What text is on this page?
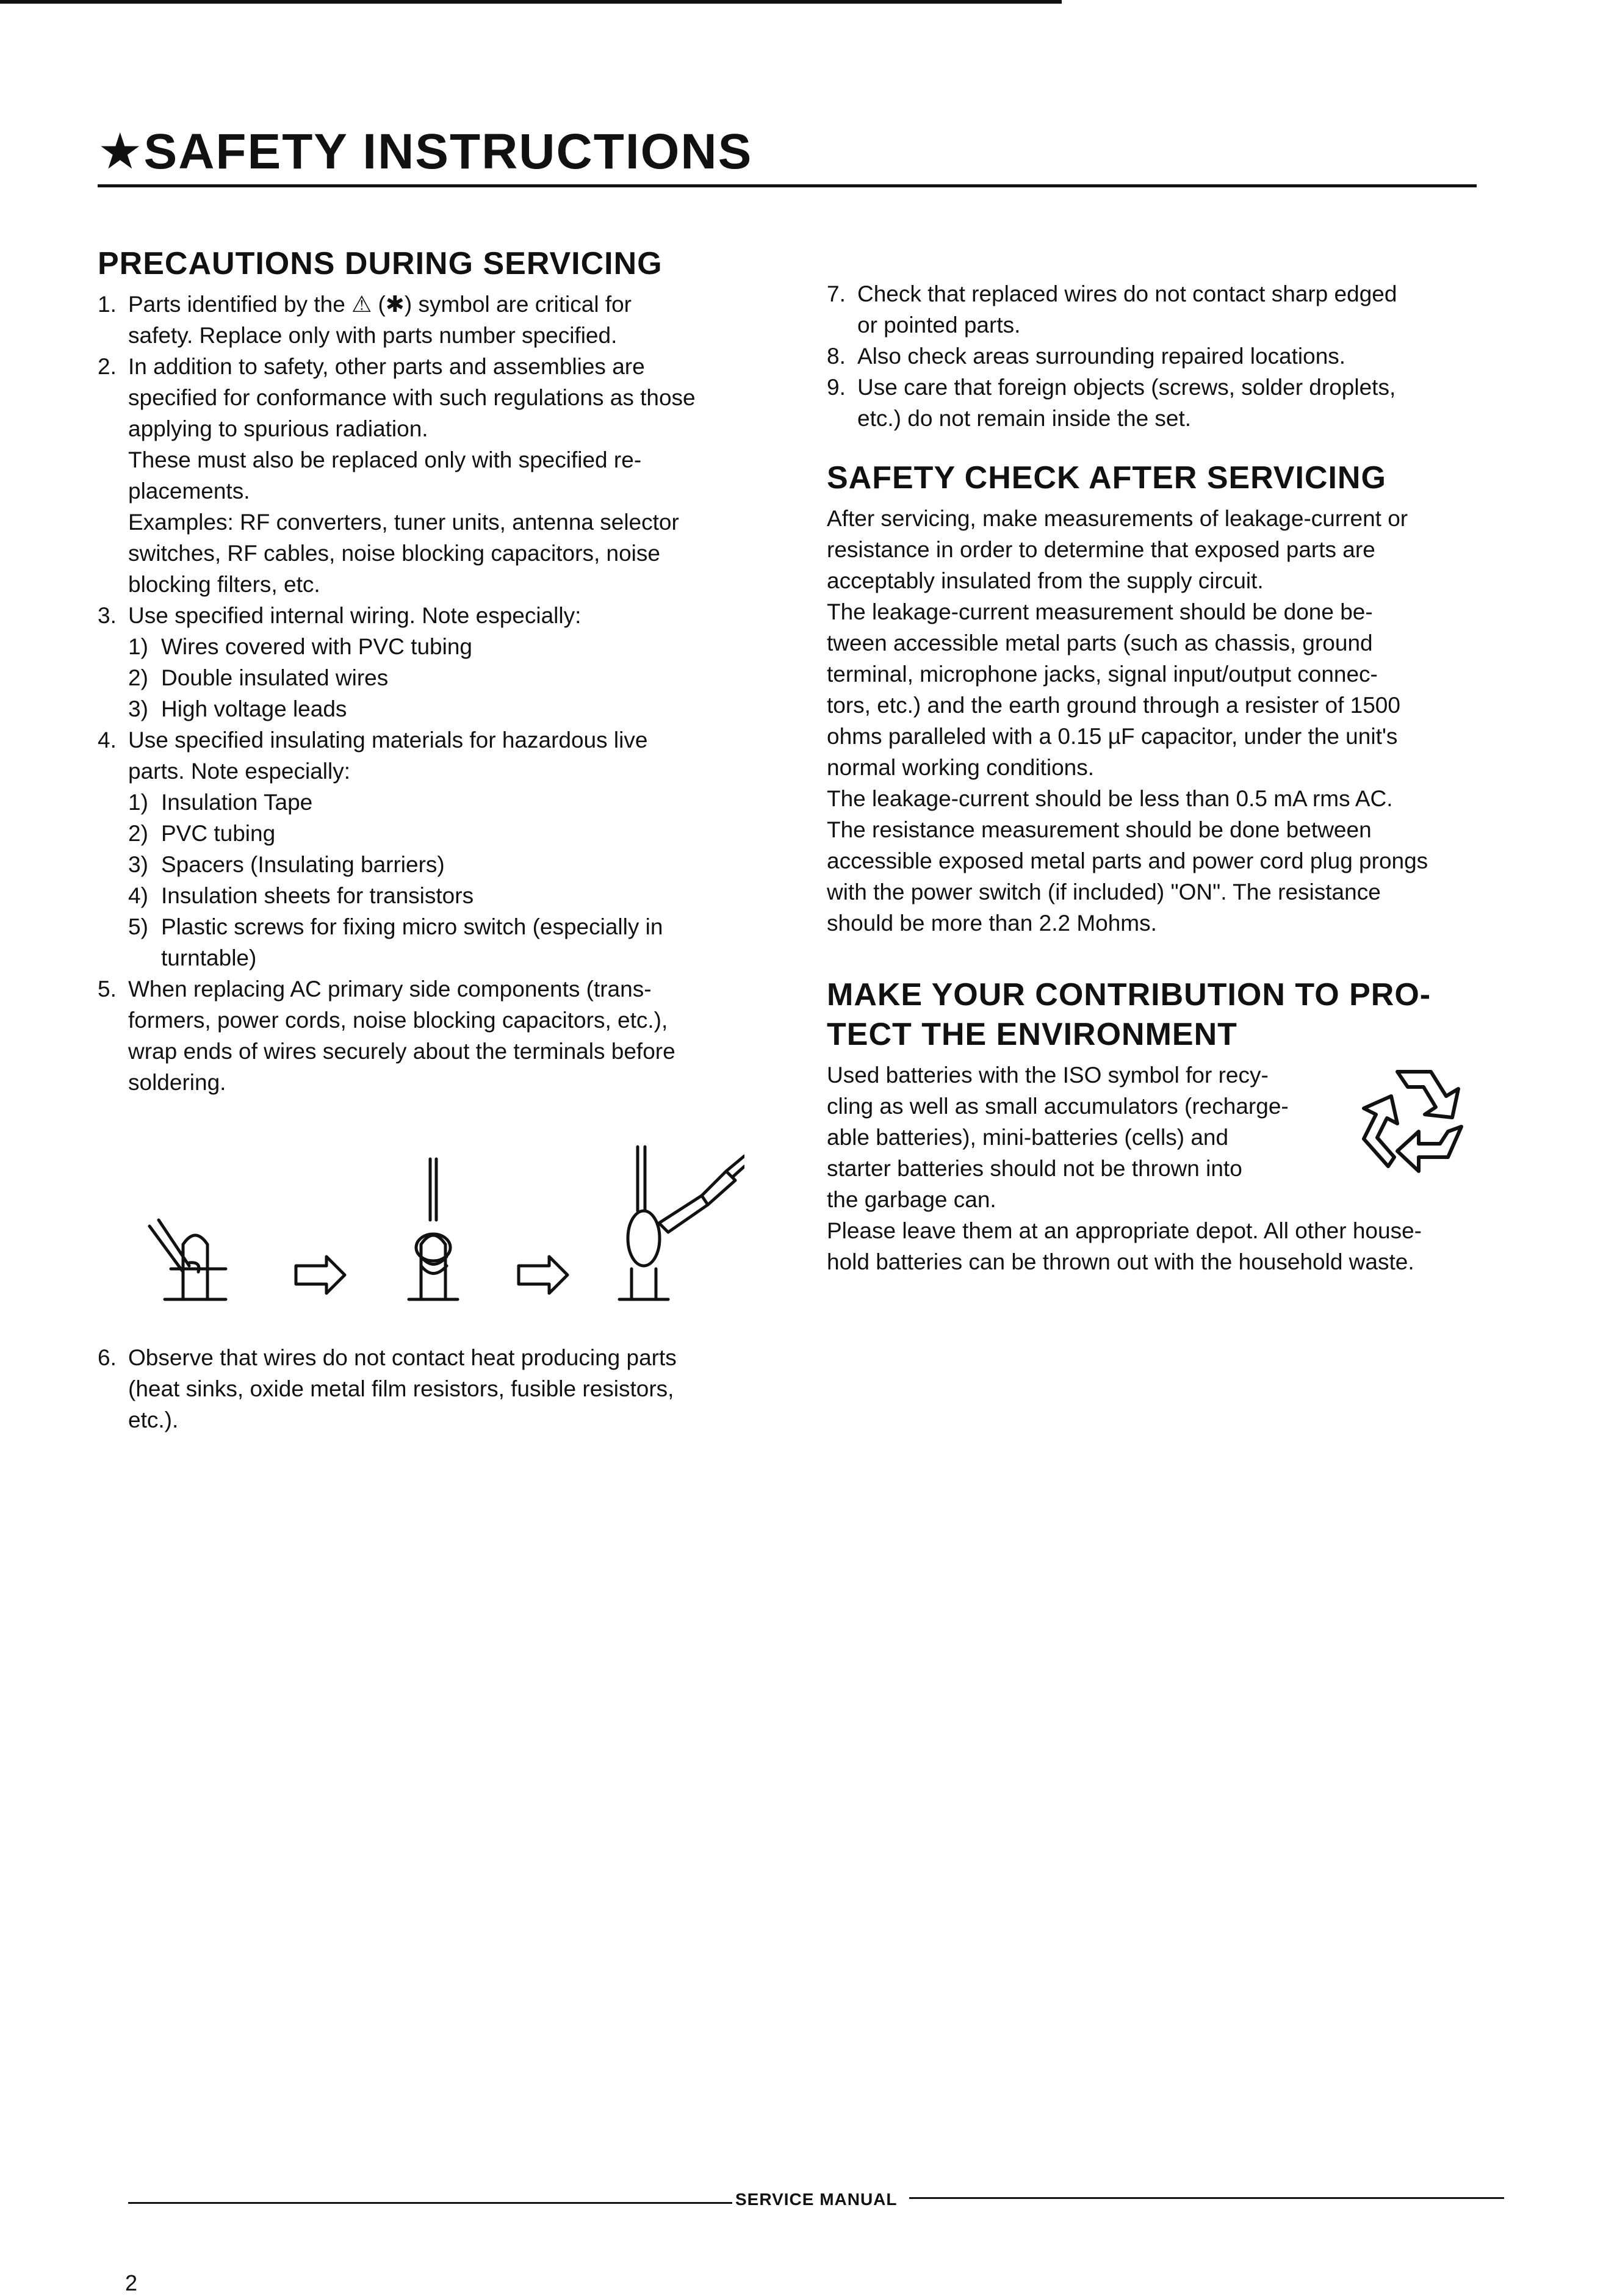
★SAFETY INSTRUCTIONS
PRECAUTIONS DURING SERVICING
1. Parts identified by the ⚠ (✱) symbol are critical for
safety. Replace only with parts number specified.
2. In addition to safety, other parts and assemblies are
specified for conformance with such regulations as those
applying to spurious radiation.
These must also be replaced only with specified re-
placements.
Examples: RF converters, tuner units, antenna selector
switches, RF cables, noise blocking capacitors, noise
blocking filters, etc.
3. Use specified internal wiring. Note especially:
1) Wires covered with PVC tubing
2) Double insulated wires
3) High voltage leads
4. Use specified insulating materials for hazardous live
parts. Note especially:
1) Insulation Tape
2) PVC tubing
3) Spacers (Insulating barriers)
4) Insulation sheets for transistors
5) Plastic screws for fixing micro switch (especially in
turntable)
5. When replacing AC primary side components (trans-
formers, power cords, noise blocking capacitors, etc.),
wrap ends of wires securely about the terminals before
soldering.
6. Observe that wires do not contact heat producing parts
(heat sinks, oxide metal film resistors, fusible resistors,
etc.).
7. Check that replaced wires do not contact sharp edged
or pointed parts.
8. Also check areas surrounding repaired locations.
9. Use care that foreign objects (screws, solder droplets,
etc.) do not remain inside the set.
SAFETY CHECK AFTER SERVICING

After servicing, make measurements of leakage-current or
resistance in order to determine that exposed parts are
acceptably insulated from the supply circuit.
The leakage-current measurement should be done be-
tween accessible metal parts (such as chassis, ground
terminal, microphone jacks, signal input/output connec-
tors, etc.) and the earth ground through a resister of 1500
ohms paralleled with a 0.15 µF capacitor, under the unit's
normal working conditions.
The leakage-current should be less than 0.5 mA rms AC.
The resistance measurement should be done between
accessible exposed metal parts and power cord plug prongs
with the power switch (if included) "ON". The resistance
should be more than 2.2 Mohms.

MAKE YOUR CONTRIBUTION TO PRO-
TECT THE ENVIRONMENT

Used batteries with the ISO symbol for recy-
cling as well as small accumulators (recharge-
able batteries), mini-batteries (cells) and
starter batteries should not be thrown into
the garbage can.

Please leave them at an appropriate depot. All other house-
hold batteries can be thrown out with the household waste.

SERVICE MANUAL
2
